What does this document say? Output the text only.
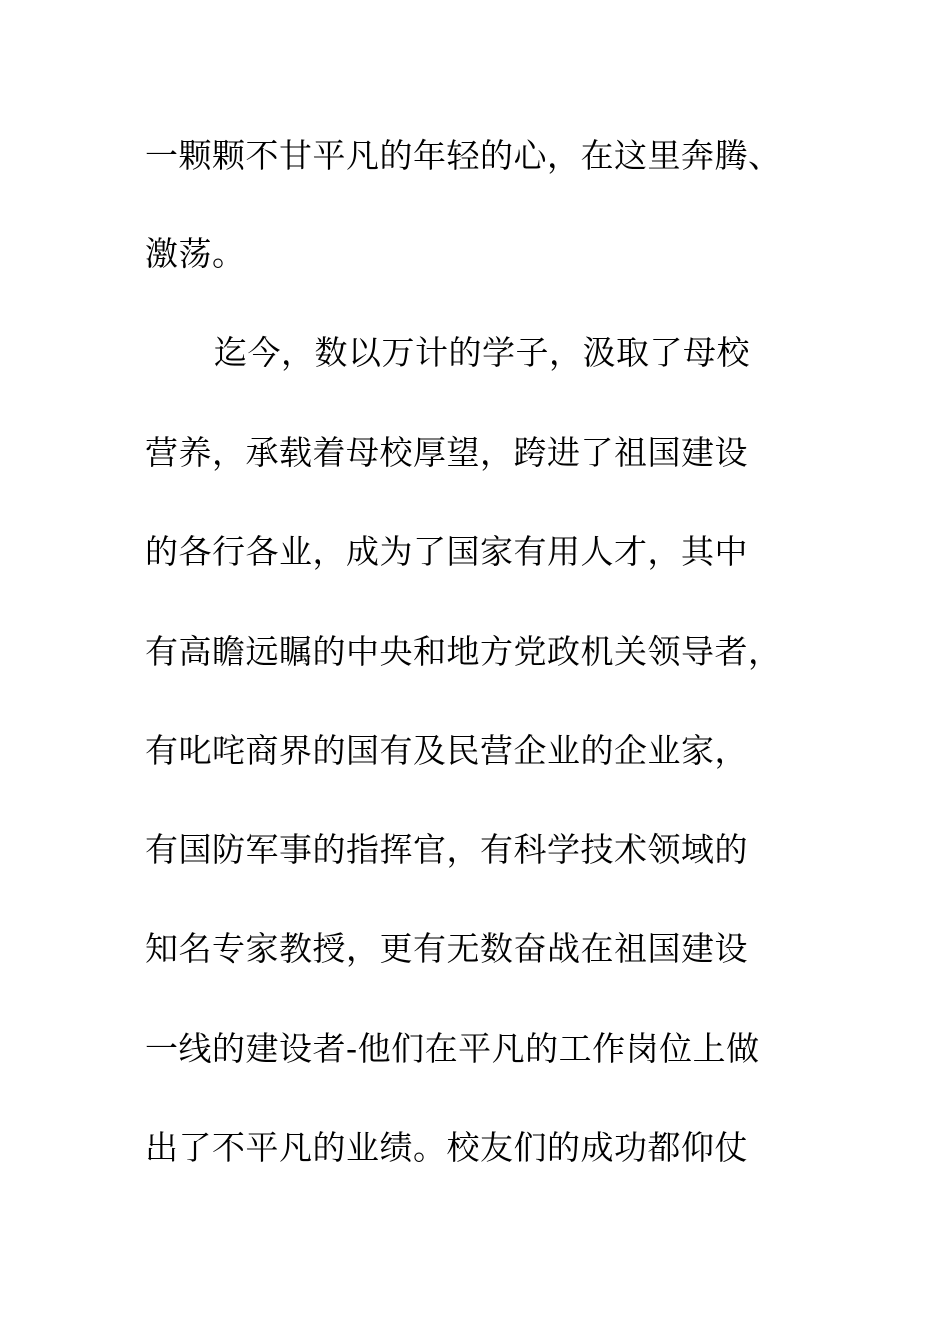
一颗颗不甘平凡的年轻的心，在这里奔腾、
激荡。
迄今，数以万计的学子，汲取了母校
营养，承载着母校厚望，跨进了祖国建设
的各行各业，成为了国家有用人才，其中
有高瞻远瞩的中央和地方党政机关领导者，
有叱咤商界的国有及民营企业的企业家，
有国防军事的指挥官，有科学技术领域的
知名专家教授，更有无数奋战在祖国建设
一线的建设者-他们在平凡的工作岗位上做
出了不平凡的业绩。校友们的成功都仰仗
